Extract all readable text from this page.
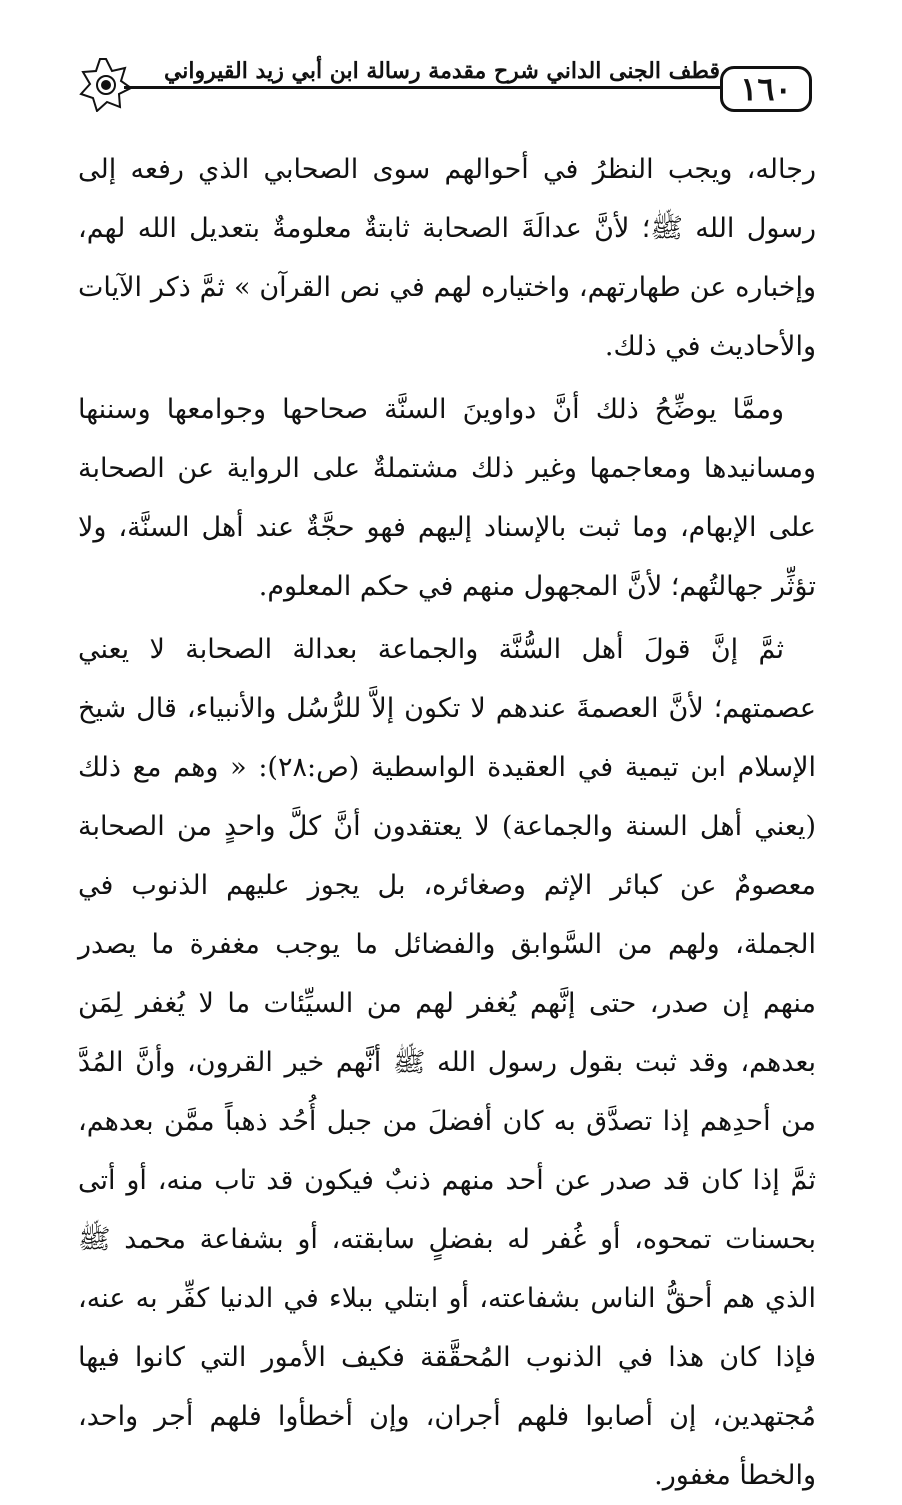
قطف الجنى الداني شرح مقدمة رسالة ابن أبي زيد القيرواني ١٦٠

رجاله، ويجب النظرُ في أحوالهم سوى الصحابي الذي رفعه إلى رسول الله ﷺ؛ لأنَّ عدالَةَ الصحابة ثابتةٌ معلومةٌ بتعديل الله لهم، وإخباره عن طهارتهم، واختياره لهم في نص القرآن » ثمَّ ذكر الآيات والأحاديث في ذلك.

وممَّا يوضِّحُ ذلك أنَّ دواوينَ السنَّة صحاحها وجوامعها وسننها ومسانيدها ومعاجمها وغير ذلك مشتملةٌ على الرواية عن الصحابة على الإبهام، وما ثبت بالإسناد إليهم فهو حجَّةٌ عند أهل السنَّة، ولا تؤثِّر جهالتُهم؛ لأنَّ المجهول منهم في حكم المعلوم.

ثمَّ إنَّ قولَ أهل السُّنَّة والجماعة بعدالة الصحابة لا يعني عصمتهم؛ لأنَّ العصمةَ عندهم لا تكون إلاَّ للرُّسُل والأنبياء، قال شيخ الإسلام ابن تيمية في العقيدة الواسطية (ص:٢٨): « وهم مع ذلك (يعني أهل السنة والجماعة) لا يعتقدون أنَّ كلَّ واحدٍ من الصحابة معصومٌ عن كبائر الإثم وصغائره، بل يجوز عليهم الذنوب في الجملة، ولهم من السَّوابق والفضائل ما يوجب مغفرة ما يصدر منهم إن صدر، حتى إنَّهم يُغفر لهم من السيِّئات ما لا يُغفر لِمَن بعدهم، وقد ثبت بقول رسول الله ﷺ أنَّهم خير القرون، وأنَّ المُدَّ من أحدِهم إذا تصدَّق به كان أفضلَ من جبل أُحُد ذهباً ممَّن بعدهم، ثمَّ إذا كان قد صدر عن أحد منهم ذنبٌ فيكون قد تاب منه، أو أتى بحسنات تمحوه، أو غُفر له بفضلٍ سابقته، أو بشفاعة محمد ﷺ الذي هم أحقُّ الناس بشفاعته، أو ابتلي ببلاء في الدنيا كفِّر به عنه، فإذا كان هذا في الذنوب المُحقَّقة فكيف الأمور التي كانوا فيها مُجتهدين، إن أصابوا فلهم أجران، وإن أخطأوا فلهم أجر واحد، والخطأ مغفور.
